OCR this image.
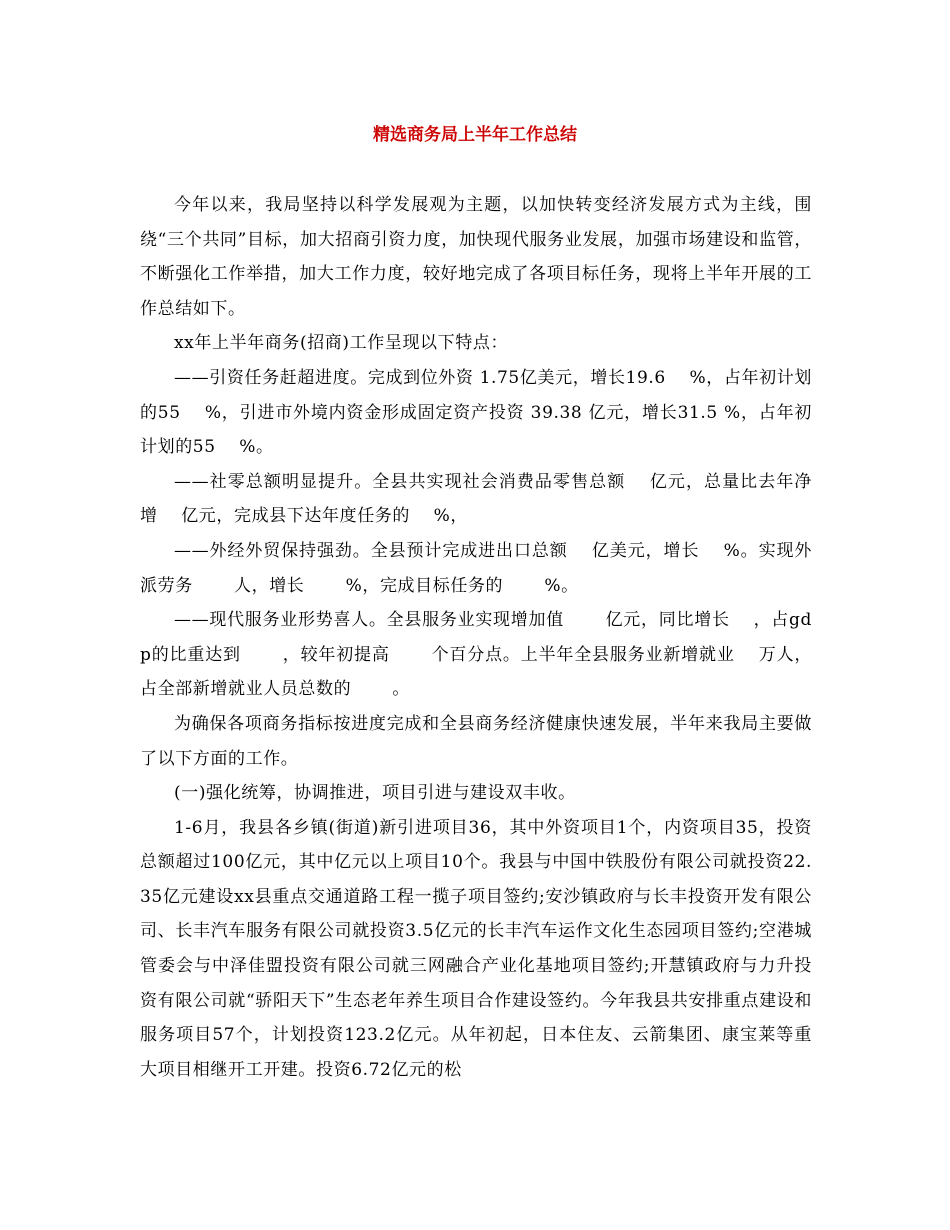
精选商务局上半年工作总结

今年以来，我局坚持以科学发展观为主题，以加快转变经济发展方式为主线，围绕“三个共同”目标，加大招商引资力度，加快现代服务业发展，加强市场建设和监管，不断强化工作举措，加大工作力度，较好地完成了各项目标任务，现将上半年开展的工作总结如下。

xx年上半年商务(招商)工作呈现以下特点：

——引资任务赶超进度。完成到位外资 1.75亿美元，增长19.6　 %，占年初计划的55　 %，引进市外境内资金形成固定资产投资 39.38 亿元，增长31.5 %，占年初计划的55　 %。

——社零总额明显提升。全县共实现社会消费品零售总额　 亿元，总量比去年净增　 亿元，完成县下达年度任务的　 %，

——外经外贸保持强劲。全县预计完成进出口总额　 亿美元，增长　 %。实现外派劳务　　 人，增长　　 %，完成目标任务的　　 %。

——现代服务业形势喜人。全县服务业实现增加值　　 亿元，同比增长　 ，占gdp的比重达到　　 ，较年初提高　　 个百分点。上半年全县服务业新增就业　 万人，占全部新增就业人员总数的　　 。

为确保各项商务指标按进度完成和全县商务经济健康快速发展，半年来我局主要做了以下方面的工作。

(一)强化统筹，协调推进，项目引进与建设双丰收。

1-6月，我县各乡镇(街道)新引进项目36，其中外资项目1个，内资项目35，投资总额超过100亿元，其中亿元以上项目10个。我县与中国中铁股份有限公司就投资22.35亿元建设xx县重点交通道路工程一揽子项目签约;安沙镇政府与长丰投资开发有限公司、长丰汽车服务有限公司就投资3.5亿元的长丰汽车运作文化生态园项目签约;空港城管委会与中泽佳盟投资有限公司就三网融合产业化基地项目签约;开慧镇政府与力升投资有限公司就“骄阳天下”生态老年养生项目合作建设签约。今年我县共安排重点建设和服务项目57个，计划投资123.2亿元。从年初起，日本住友、云箭集团、康宝莱等重大项目相继开工开建。投资6.72亿元的松
